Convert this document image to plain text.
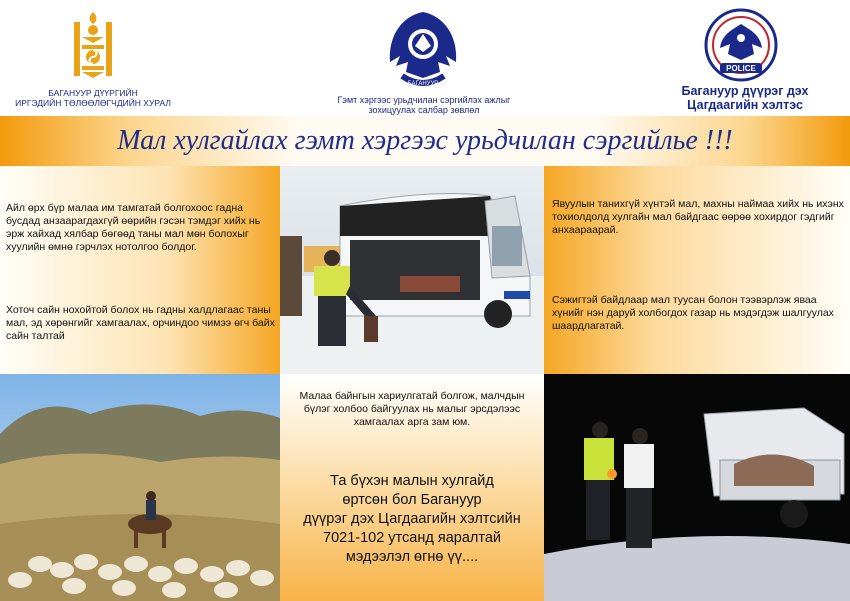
БАГАНУУР ДҮҮРГИЙН
ИРГЭДИЙН ТӨЛӨӨЛӨГЧДИЙН ХУРАЛ
БАГАНУУР
Гэмт хэргээс урьдчилан сэргийлэх ажлыг
зохицуулах салбар зөвлөл
POLICE
Багануур дүүрэг дэх
Цагдаагийн хэлтэс
Мал хулгайлах гэмт хэргээс урьдчилан сэргийлье !!!
Айл өрх бүр малаа им тамгатай болгохоос гадна бусдад анзаарагдахгүй өөрийн гэсэн тэмдэг хийх нь эрж хайхад хялбар бөгөөд таны мал мөн болохыг хуулийн өмнө гэрчлэх нотолгоо болдог.
Хоточ сайн нохойтой болох нь гадны халдлагаас таны мал, эд хөрөнгийг хамгаалах, орчиндоо чимээ өгч байх сайн талтай
Явуулын танихгүй хүнтэй мал, махны наймаа хийх нь ихэнх тохиолдолд хулгайн мал байдгаас өөрөө хохирдог гэдгийг анхаараарай.
Сэжигтэй байдлаар мал туусан болон тээвэрлэж яваа хүнийг нэн даруй холбогдох газар нь мэдэгдэж шалгуулах шаардлагатай.
Малаа байнгын хариулгатай болгож, малчдын бүлэг холбоо байгуулах нь малыг эрсдэлээс хамгаалах арга зам юм.
Та бүхэн малын хулгайд
өртсөн бол Багануур
дүүрэг дэх Цагдаагийн хэлтсийн
7021-102 утсанд яаралтай
мэдээлэл өгнө үү....
